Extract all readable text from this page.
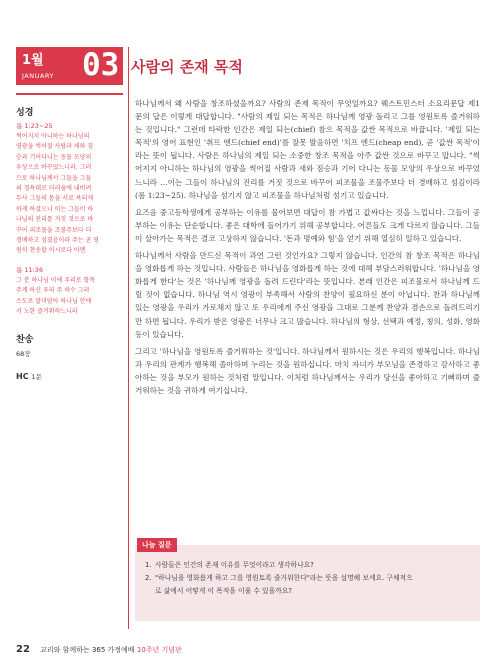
1월
JANUARY 03 사람의 존재 목적
성경
롬 1:23~25
썩어지지 아니하는 하나님의
영광을 썩어질 사람과 새와 짐
승과 기어다니는 동물 모양의
우상으로 바꾸었느니라. 그러
므로 하나님께서 그들을 그들
의 정욕대로 더러움에 내버려
두사 그들의 몸을 서로 욕되게
하게 하셨으니 이는 그들이 하
나님의 진리를 거짓 것으로 바
꾸어 피조물을 조물주보다 더
경배하고 섬겼음이라 주는 곧 영
원히 찬송할 이시로다 아멘
롬 11:36
그 분 하나님 이에 우리로 항목
주게 하신 우리 주 하수 그리
스도로 말미암아 하나님 안에
서 노한 즐거워하느니라
찬송
68장
HC 1문

하나님께서 왜 사람을 창조하셨을까요? 사람의 존재 목적이 무엇일까요? 웨스트민스터 소요리문답 제1문의 답은 이렇게 대답합니다. "사람의 제일 되는 목적은 하나님께 영광 돌리고 그를 영원토록 즐거워하는 것입니다." 그런데 타락한 인간은 제일 되는(chief) 참으 목적을 값싼 목적으로 바꿉니다. '제일 되는 목적'의 영어 표현인 '취프 엔드(chief end)'를 잘못 발음하면 '치프 엔드(cheap end), 곧 '값싼 목적'이라는 뜻이 됩니다. 사람은 하나님의 제일 되는 소중한 창조 목적을 아주 값싼 것으로 바꾸고 맙니다. "썩어지지 아니하는 하나님의 영광을 썩어질 사람과 새와 짐승과 기어 다니는 동물 모양의 우상으로 바꾸었느니라 …이는 그들이 하나님의 진리를 거짓 것으로 바꾸어 피조물을 조물주보다 더 경배하고 섬김이라(롬 1:23~25). 하나님을 섬기지 않고 피조물을 하나님처럼 섬기고 있습니다.

요즈음 중고등학생에게 공부하는 이유를 물어보면 대답이 참 가볍고 값싸다는 것을 느낍니다. 그들이 공부하는 이유는 단순합니다. 좋은 대학에 들어가기 위해 공부합니다. 어른들도 크게 다르지 않습니다. 그들이 살아가는 목적은 결코 고상하지 않습니다. '돈과 명예와 힘'을 얻기 위해 열심히 일하고 있습니다.

하나님께서 사람을 만드신 목적이 과연 그런 것인가요? 그렇지 않습니다. 인간의 참 창조 목적은 하나님을 영화롭게 하는 것입니다. 사람들은 하나님을 영화롭게 하는 것에 대해 부담스러워합니다. '하나님을 영화롭게 한다'는 것은 '하나님께 영광을 돌려 드린다'라는 뜻입니다. 본래 인간은 피조물로서 하나님께 드릴 것이 없습니다. 하나님 역시 영광이 부족해서 사람의 찬양이 필요하신 분이 아닙니다. 찬과 하나님께 있는 영광을 우리가 가로채지 않고 또 우리에게 주신 영광을 그대로 그분께 찬양과 겸손으로 돌려드리기만 하면 됩니다. 우리가 받은 영광은 너무나 크고 많습니다. 하나님의 형상, 선택과 예정, 칭의, 성화, 영화 등이 있습니다.

그리고 '하나님을 영원토록 즐거워하는 것'입니다. 하나님께서 원하시는 것은 우리의 행복입니다. 하나님과 우리의 관계가 행복해 졸아하며 누리는 것을 원하십니다. 마치 자녀가 부모님을 존경하고 감사하고 좋아하는 것을 부모가 원하는 것처럼 말입니다. 이처럼 하나님께서는 우리가 당신을 좋아하고 기뻐하며 즐거워하는 것을 귀하게 여기십니다.

나눔 질문
1. 사람들은 인간의 존재 이유를 무엇이라고 생각하나요?
2. "하나님을 영화롭게 하고 그를 영원토록 즐거워한다"라는 뜻을 설명해 보세요. 구체적으
로 삶에서 어떻게 이 목적을 이룰 수 있을까요?
22 교리와 함께하는 365 가정예배 10주년 기념판
